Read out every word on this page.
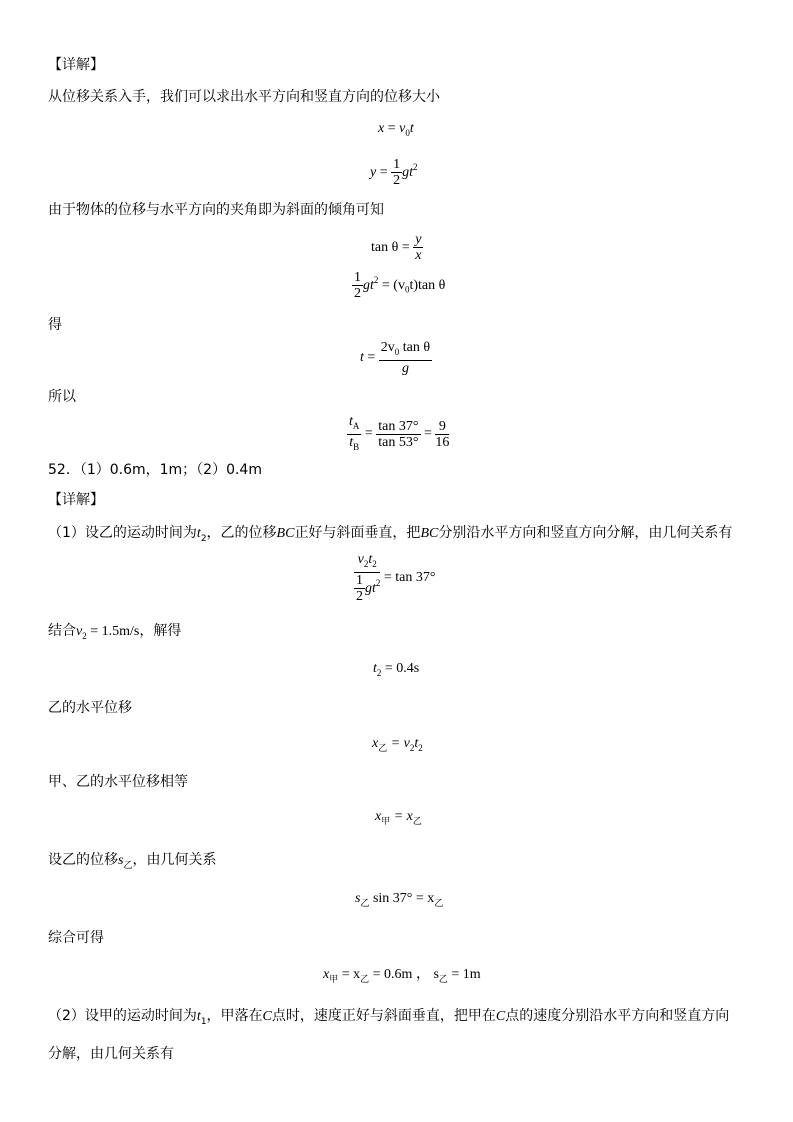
【详解】
从位移关系入手，我们可以求出水平方向和竖直方向的位移大小
$x = v_0t$
$y = \frac{1}{2} gt^2$
由于物体的位移与水平方向的夹角即为斜面的倾角可知
$\tan \theta = \frac{y}{x}$
$\frac{1}{2} gt^2 = (v_0t)\tan$ θ
得
$t = \frac{2v_0 \tan \theta}{g}$
所以
$\frac{t_A}{t_B} = \frac{\tan 37^\circ}{\tan 53^\circ} = \frac{9}{16}$
52．（1）0.6m，1m；（2）0.4m
【详解】
（1）设乙的运动时间为$t_2$，乙的位移BC正好与斜面垂直，把BC分别沿水平方向和竖直方向分解，由几何关系有
$\frac{v_2t_2}{\frac{1}{2} gt^2} = \tan 37^\circ$
结合$v_2 = 1.5m/s$，解得
$t_2 = 0.4s$
乙的水平位移
$x_乙 = v_2t_2$
甲、乙的水平位移相等
$x_甲 = x_乙$
设乙的位移$s_乙$，由几何关系
$s_乙$ $\sin 37^\circ = x_乙$
综合可得
$x_甲 = x_乙 = 0.6m$ ， $s_乙 = 1m$
（2）设甲的运动时间为$t_1$，甲落在C点时，速度正好与斜面垂直，把甲在C点的速度分别沿水平方向和竖直方向
分解，由几何关系有
